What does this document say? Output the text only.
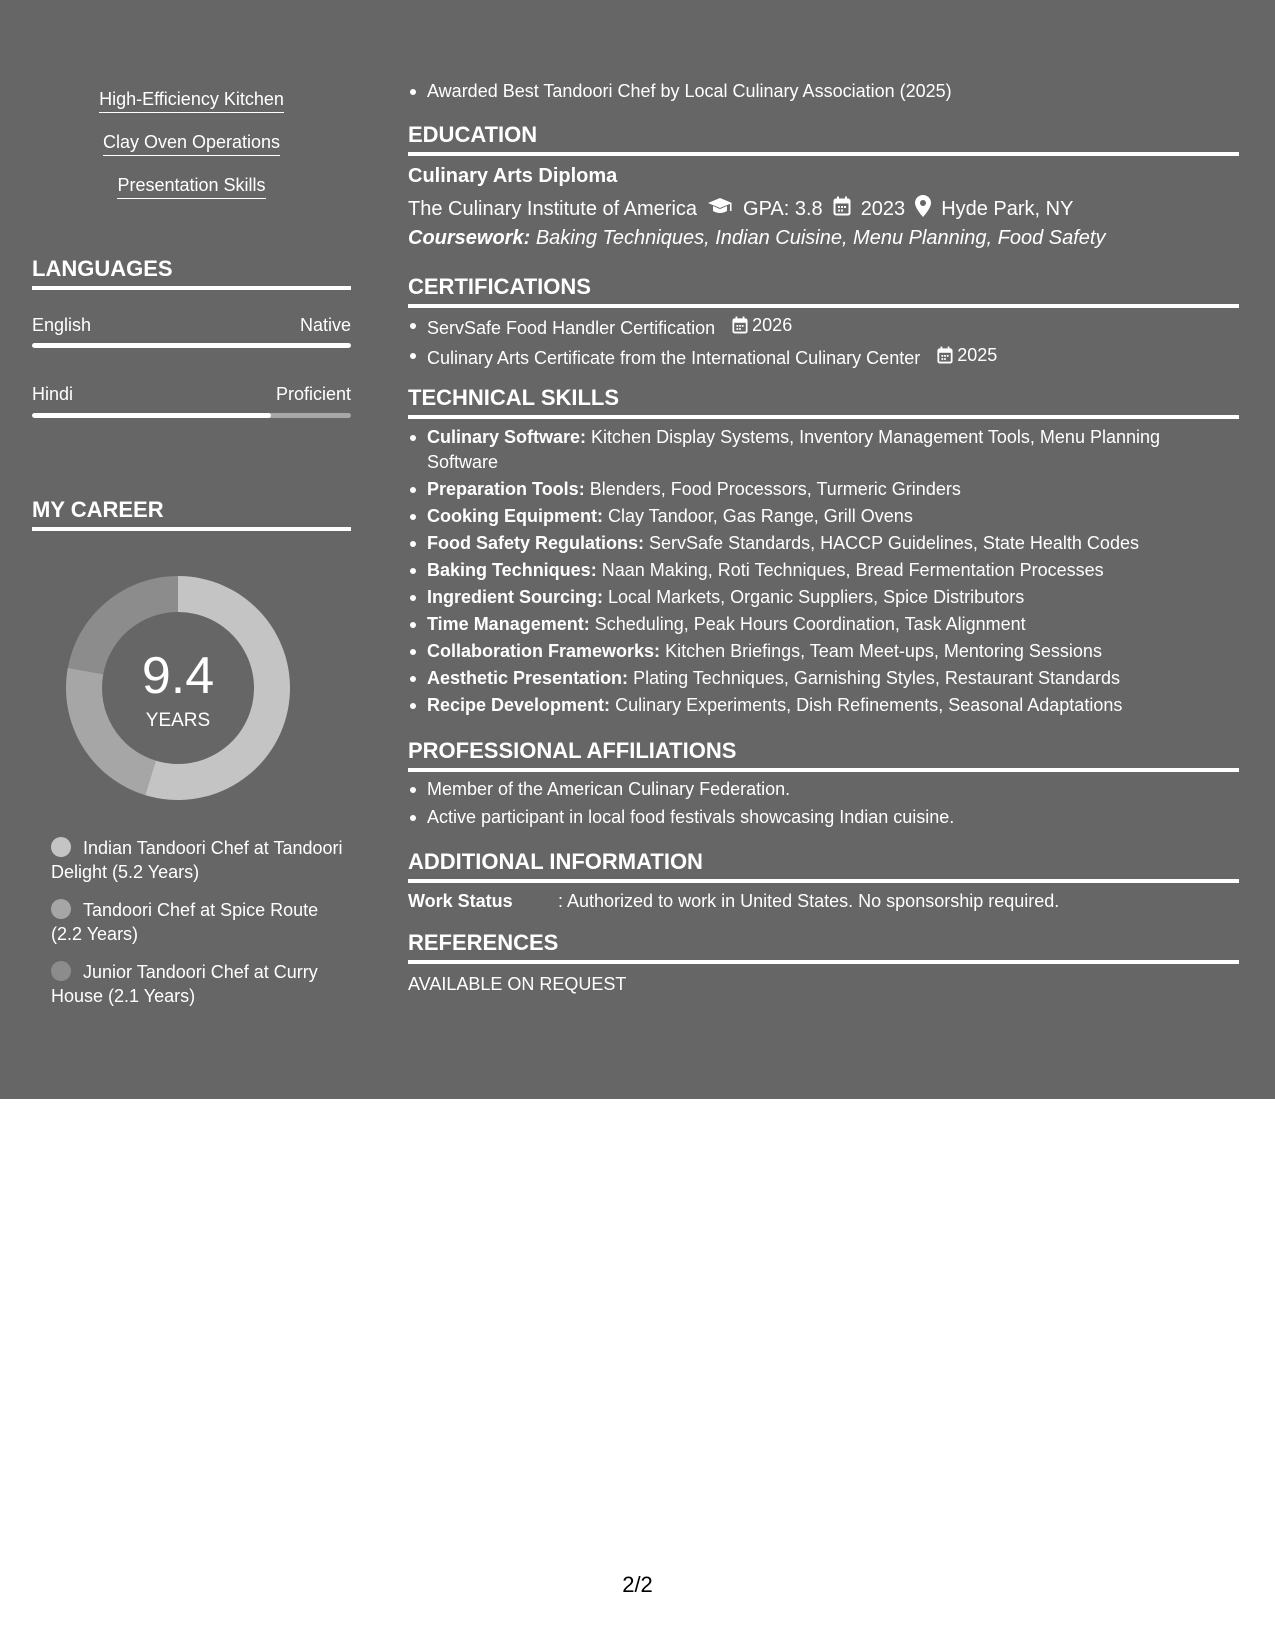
High-Efficiency Kitchen
Clay Oven Operations
Presentation Skills
LANGUAGES
English	Native
Hindi	Proficient
MY CAREER
9.4
YEARS
Indian Tandoori Chef at Tandoori Delight (5.2 Years)
Tandoori Chef at Spice Route (2.2 Years)
Junior Tandoori Chef at Curry House (2.1 Years)
Awarded Best Tandoori Chef by Local Culinary Association (2025)
EDUCATION
Culinary Arts Diploma
The Culinary Institute of America GPA: 3.8 2023 Hyde Park, NY
Coursework: Baking Techniques, Indian Cuisine, Menu Planning, Food Safety
CERTIFICATIONS
ServSafe Food Handler Certification 2026
Culinary Arts Certificate from the International Culinary Center 2025
TECHNICAL SKILLS
Culinary Software: Kitchen Display Systems, Inventory Management Tools, Menu Planning Software
Preparation Tools: Blenders, Food Processors, Turmeric Grinders
Cooking Equipment: Clay Tandoor, Gas Range, Grill Ovens
Food Safety Regulations: ServSafe Standards, HACCP Guidelines, State Health Codes
Baking Techniques: Naan Making, Roti Techniques, Bread Fermentation Processes
Ingredient Sourcing: Local Markets, Organic Suppliers, Spice Distributors
Time Management: Scheduling, Peak Hours Coordination, Task Alignment
Collaboration Frameworks: Kitchen Briefings, Team Meet-ups, Mentoring Sessions
Aesthetic Presentation: Plating Techniques, Garnishing Styles, Restaurant Standards
Recipe Development: Culinary Experiments, Dish Refinements, Seasonal Adaptations
PROFESSIONAL AFFILIATIONS
Member of the American Culinary Federation.
Active participant in local food festivals showcasing Indian cuisine.
ADDITIONAL INFORMATION
Work Status	: Authorized to work in United States. No sponsorship required.
REFERENCES
AVAILABLE ON REQUEST
2/2
